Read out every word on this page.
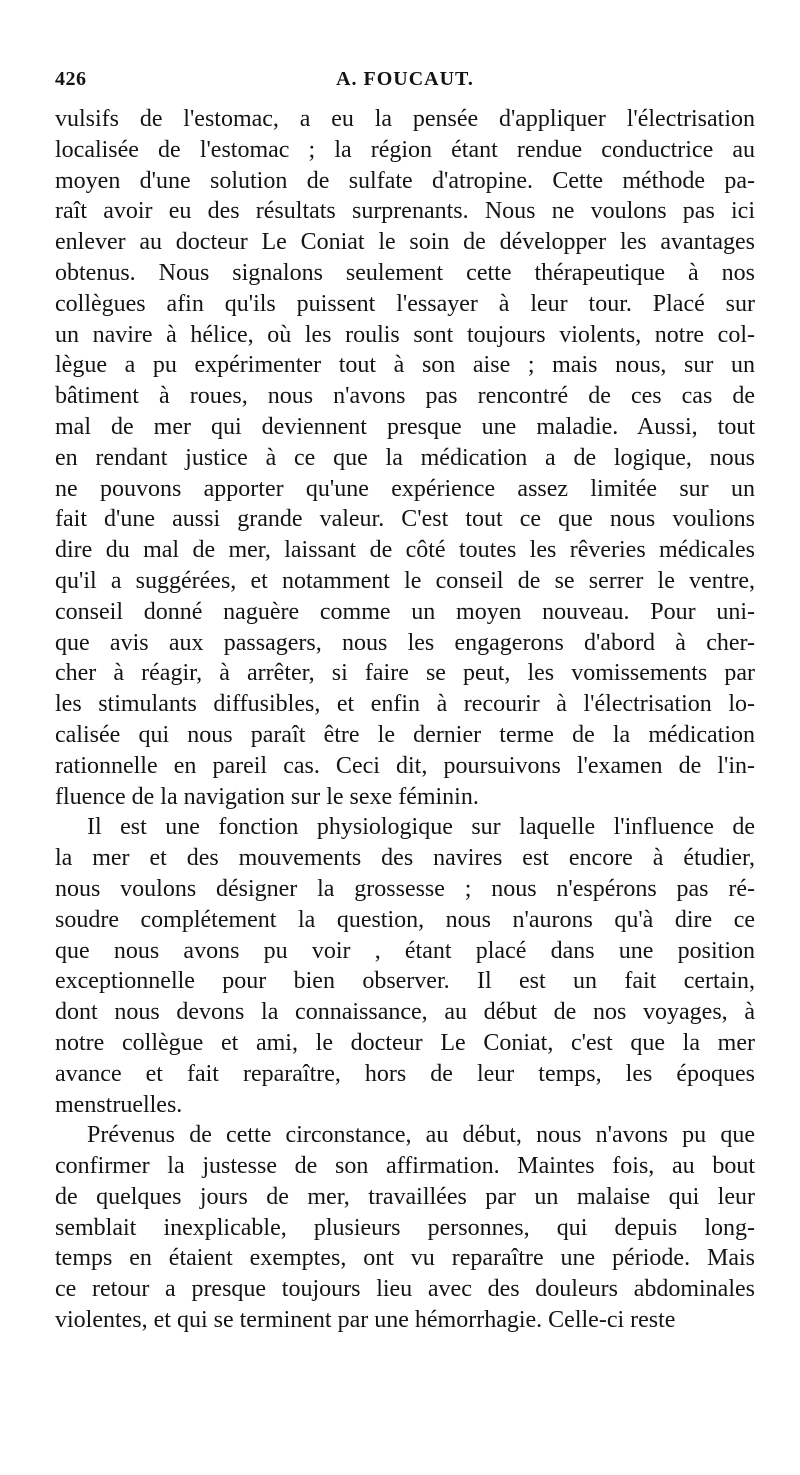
426	A. FOUCAUT.

vulsifs de l'estomac, a eu la pensée d'appliquer l'électrisation
localisée de l'estomac ; la région étant rendue conductrice au
moyen d'une solution de sulfate d'atropine. Cette méthode pa-
raît avoir eu des résultats surprenants. Nous ne voulons pas ici
enlever au docteur Le Coniat le soin de développer les avantages
obtenus. Nous signalons seulement cette thérapeutique à nos
collègues afin qu'ils puissent l'essayer à leur tour. Placé sur
un navire à hélice, où les roulis sont toujours violents, notre col-
lègue a pu expérimenter tout à son aise ; mais nous, sur un
bâtiment à roues, nous n'avons pas rencontré de ces cas de
mal de mer qui deviennent presque une maladie. Aussi, tout
en rendant justice à ce que la médication a de logique, nous
ne pouvons apporter qu'une expérience assez limitée sur un
fait d'une aussi grande valeur. C'est tout ce que nous voulions
dire du mal de mer, laissant de côté toutes les rêveries médicales
qu'il a suggérées, et notamment le conseil de se serrer le ventre,
conseil donné naguère comme un moyen nouveau. Pour uni-
que avis aux passagers, nous les engagerons d'abord à cher-
cher à réagir, à arrêter, si faire se peut, les vomissements par
les stimulants diffusibles, et enfin à recourir à l'électrisation lo-
calisée qui nous paraît être le dernier terme de la médication
rationnelle en pareil cas. Ceci dit, poursuivons l'examen de l'in-
fluence de la navigation sur le sexe féminin.

Il est une fonction physiologique sur laquelle l'influence de
la mer et des mouvements des navires est encore à étudier,
nous voulons désigner la grossesse ; nous n'espérons pas ré-
soudre complétement la question, nous n'aurons qu'à dire ce
que nous avons pu voir , étant placé dans une position
exceptionnelle pour bien observer. Il est un fait certain,
dont nous devons la connaissance, au début de nos voyages, à
notre collègue et ami, le docteur Le Coniat, c'est que la mer
avance et fait reparaître, hors de leur temps, les époques
menstruelles.

Prévenus de cette circonstance, au début, nous n'avons pu que
confirmer la justesse de son affirmation. Maintes fois, au bout
de quelques jours de mer, travaillées par un malaise qui leur
semblait inexplicable, plusieurs personnes, qui depuis long-
temps en étaient exemptes, ont vu reparaître une période. Mais
ce retour a presque toujours lieu avec des douleurs abdominales
violentes, et qui se terminent par une hémorrhagie. Celle-ci reste
